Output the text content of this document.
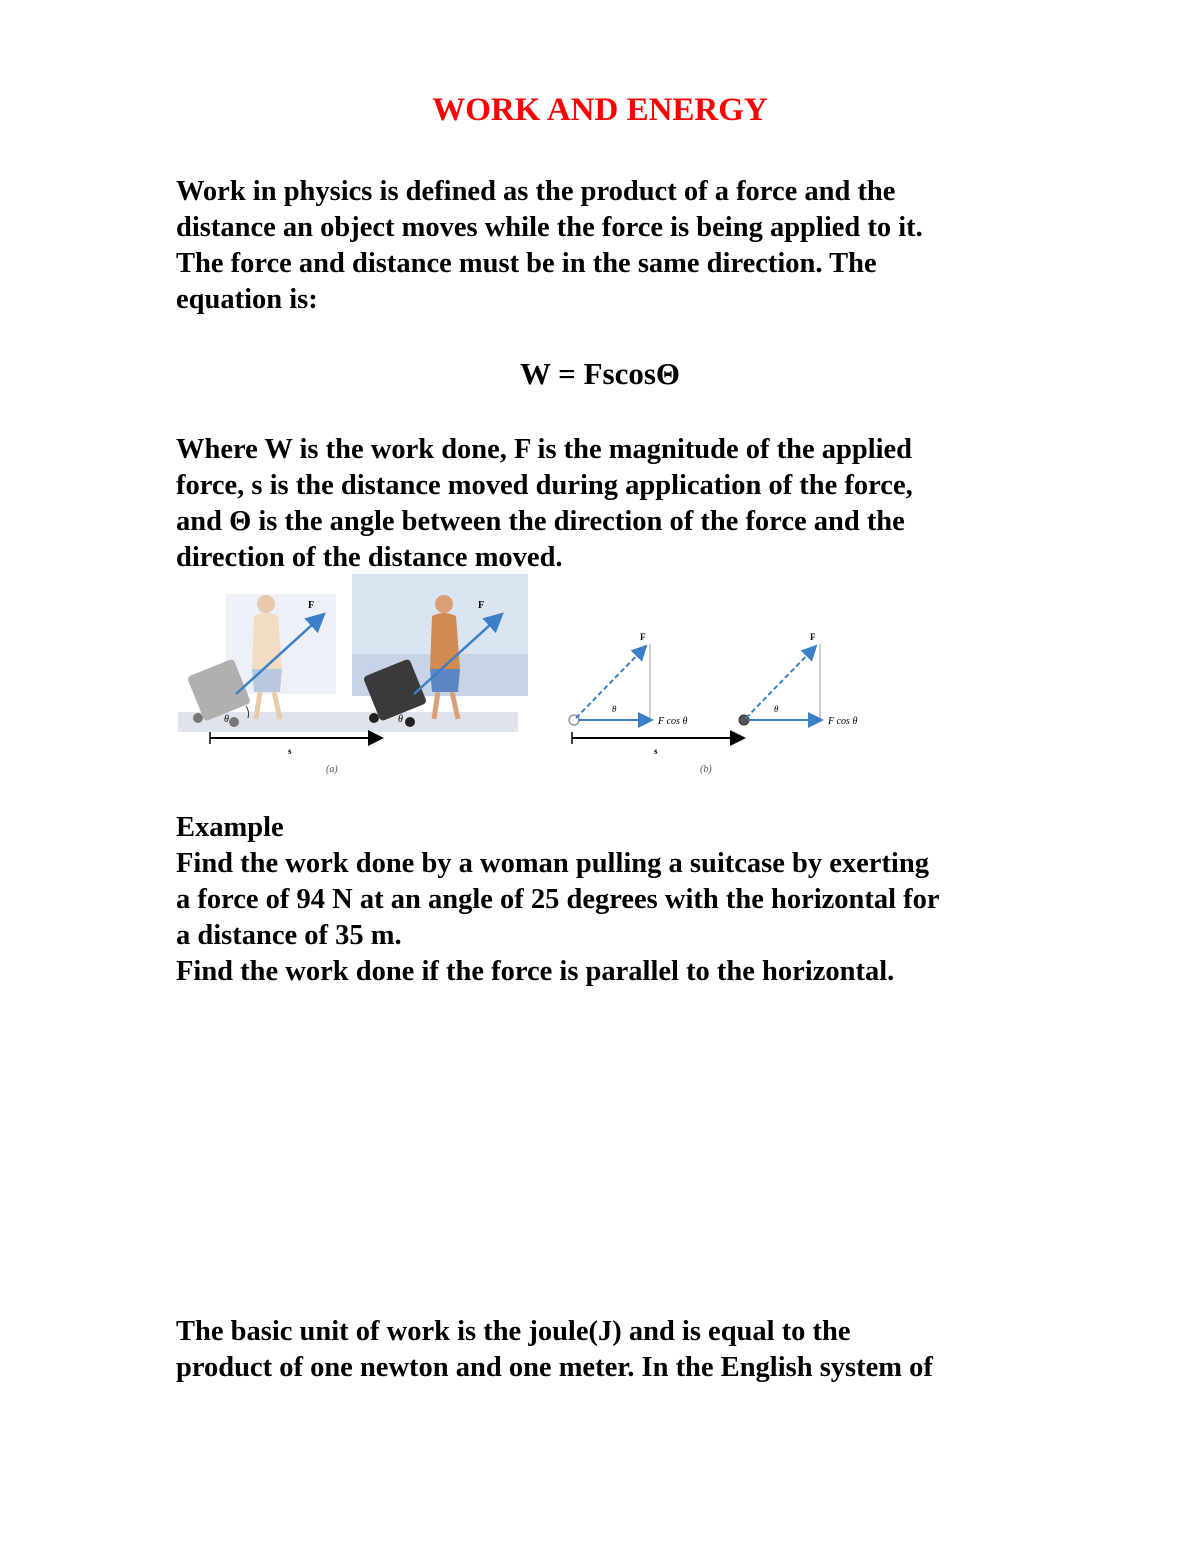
WORK AND ENERGY
Work in physics is defined as the product of a force and the
distance an object moves while the force is being applied to it.
The force and distance must be in the same direction. The
equation is:
W = FscosΘ
Where W is the work done, F is the magnitude of the applied
force, s is the distance moved during application of the force,
and Θ is the angle between the direction of the force and the
direction of the distance moved.
F
θ
F
θ
s
(a)
F
θ
F cos θ
F
θ
F cos θ
s
(b)
Example
Find the work done by a woman pulling a suitcase by exerting
a force of 94 N at an angle of 25 degrees with the horizontal for
a distance of 35 m.
Find the work done if the force is parallel to the horizontal.
The basic unit of work is the joule(J) and is equal to the
product of one newton and one meter. In the English system of
